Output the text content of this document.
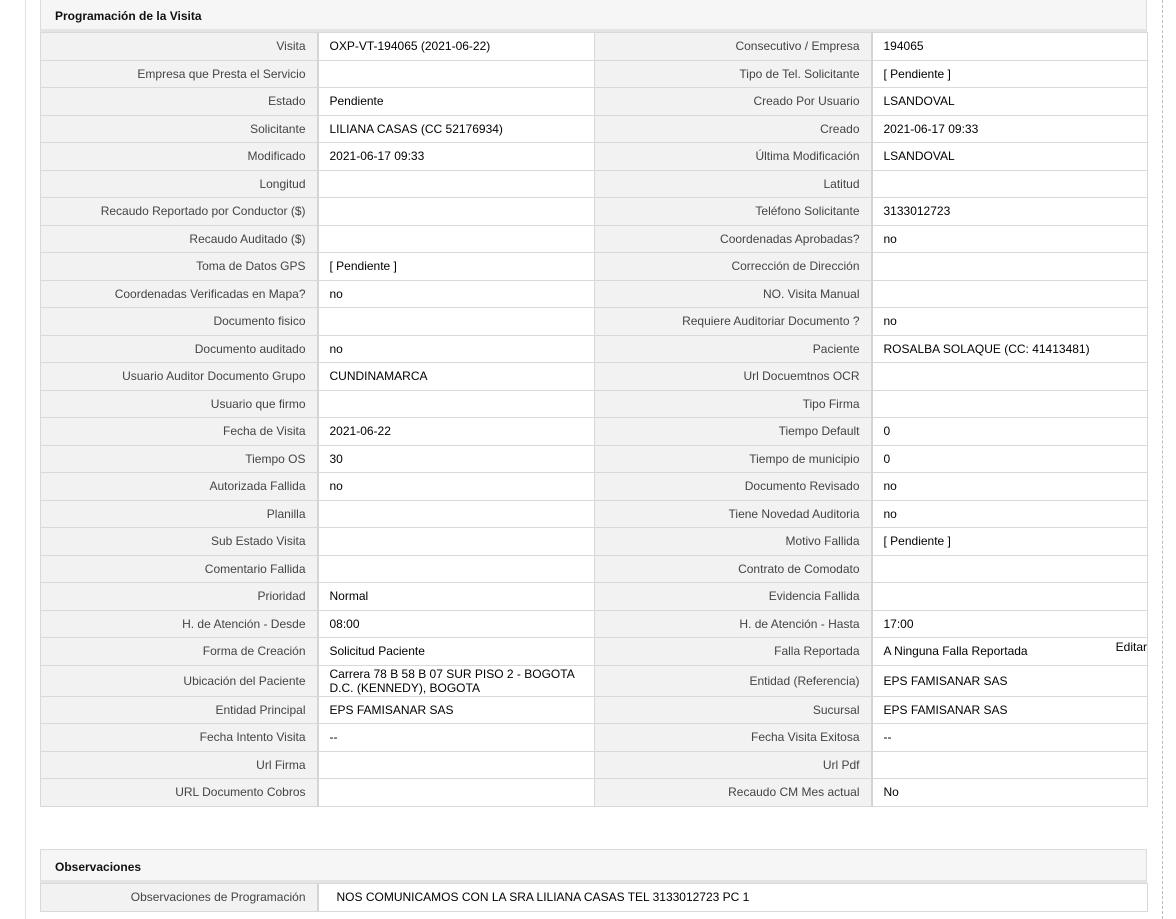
Programación de la Visita
Visita	OXP-VT-194065 (2021-06-22)	Consecutivo / Empresa	194065
Empresa que Presta el Servicio		Tipo de Tel. Solicitante	[ Pendiente ]
Estado	Pendiente	Creado Por Usuario	LSANDOVAL
Solicitante	LILIANA CASAS (CC 52176934)	Creado	2021-06-17 09:33
Modificado	2021-06-17 09:33	Última Modificación	LSANDOVAL
Longitud		Latitud	
Recaudo Reportado por Conductor ($)		Teléfono Solicitante	3133012723
Recaudo Auditado ($)		Coordenadas Aprobadas?	no
Toma de Datos GPS	[ Pendiente ]	Corrección de Dirección	
Coordenadas Verificadas en Mapa?	no	NO. Visita Manual	
Documento fisico		Requiere Auditoriar Documento ?	no
Documento auditado	no	Paciente	ROSALBA SOLAQUE (CC: 41413481)
Usuario Auditor Documento Grupo	CUNDINAMARCA	Url Docuemtnos OCR	
Usuario que firmo		Tipo Firma	
Fecha de Visita	2021-06-22	Tiempo Default	0
Tiempo OS	30	Tiempo de municipio	0
Autorizada Fallida	no	Documento Revisado	no
Planilla		Tiene Novedad Auditoria	no
Sub Estado Visita		Motivo Fallida	[ Pendiente ]
Comentario Fallida		Contrato de Comodato	
Prioridad	Normal	Evidencia Fallida	
H. de Atención - Desde	08:00	H. de Atención - Hasta	17:00
Forma de Creación	Solicitud Paciente	Falla Reportada	A Ninguna Falla Reportada Editar

Ubicación del Paciente	Carrera 78 B 58 B 07 SUR PISO 2 - BOGOTA D.C. (KENNEDY), BOGOTA	Entidad (Referencia)	EPS FAMISANAR SAS
Entidad Principal	EPS FAMISANAR SAS	Sucursal	EPS FAMISANAR SAS
Fecha Intento Visita	--	Fecha Visita Exitosa	--
Url Firma		Url Pdf	
URL Documento Cobros		Recaudo CM Mes actual	No
Observaciones
Observaciones de Programación	NOS COMUNICAMOS CON LA SRA LILIANA CASAS TEL 3133012723 PC 1
